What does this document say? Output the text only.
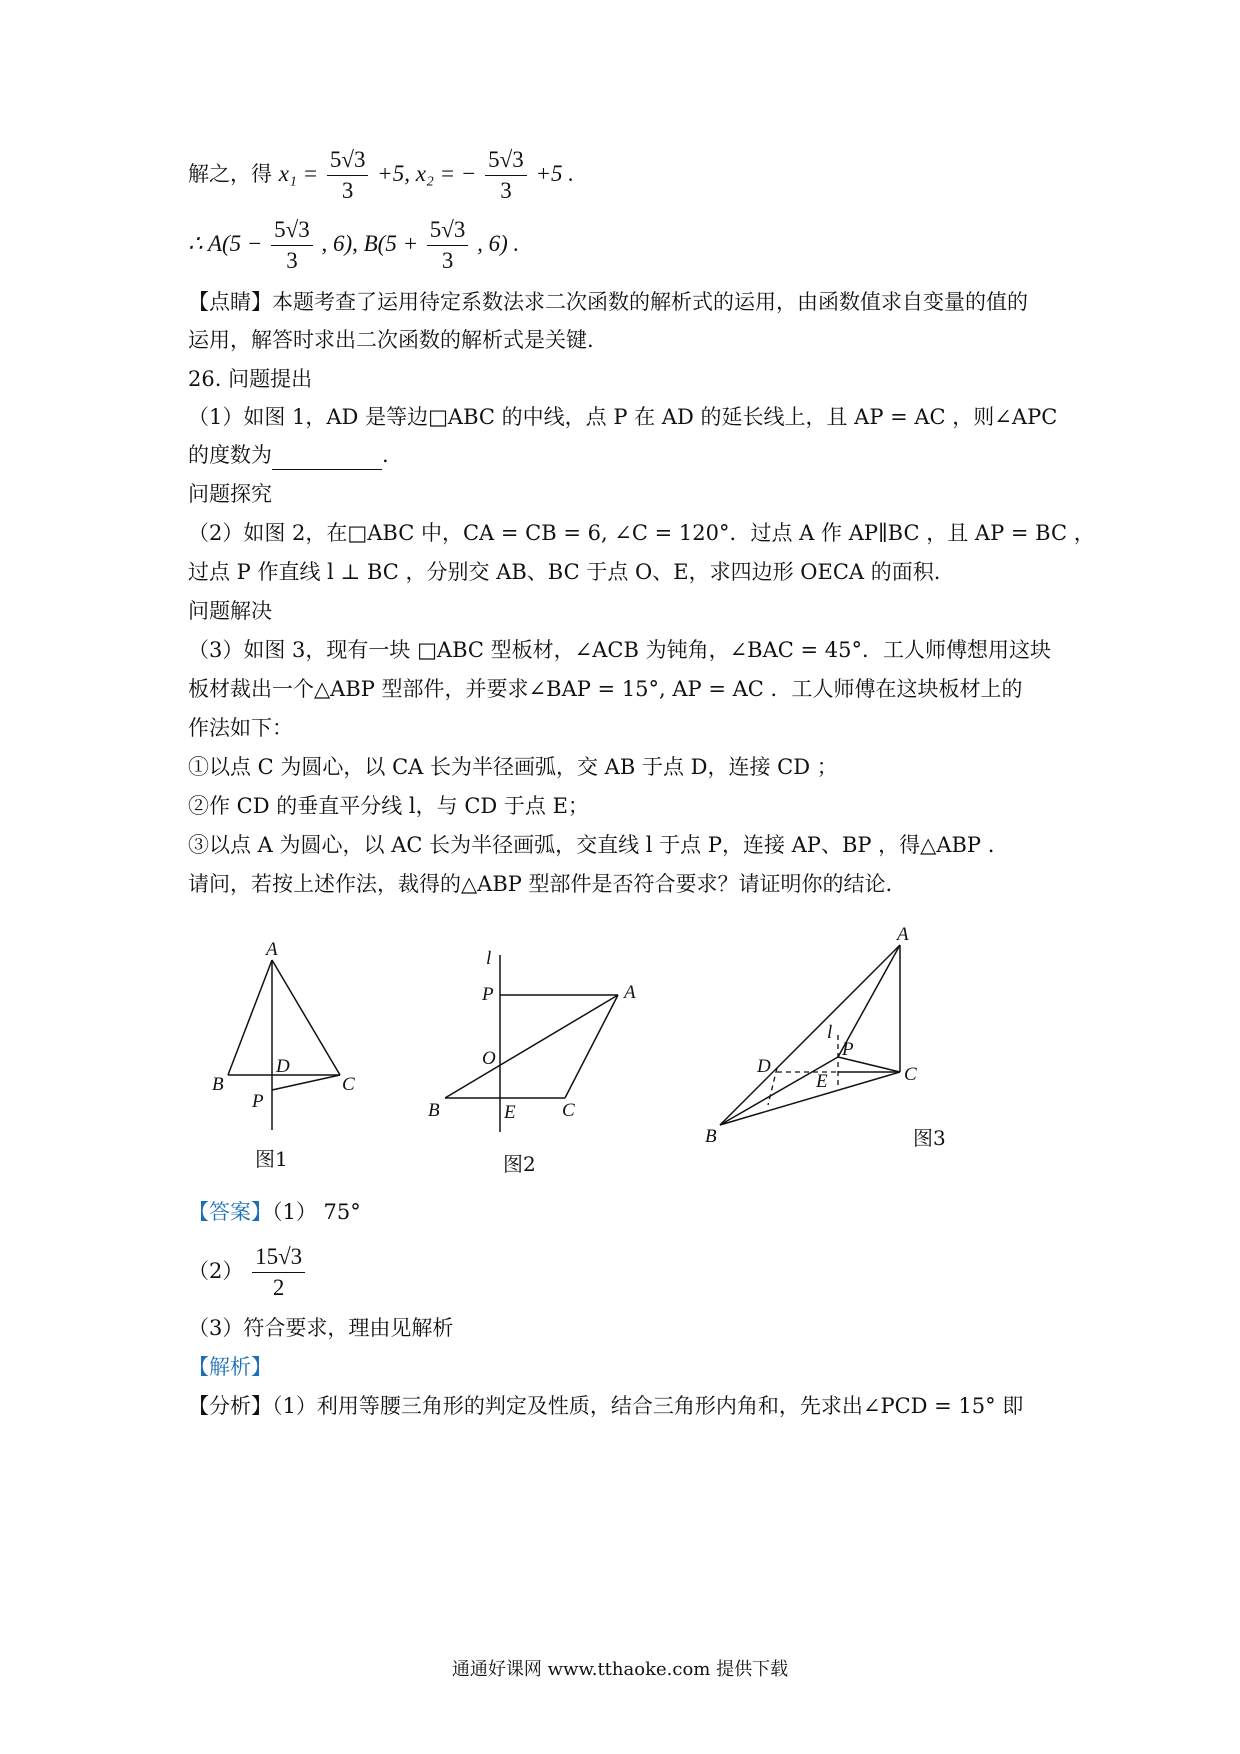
解之，得 $x_1 = \frac{5√3}{3} +5$, x₂ = − $\frac{5√3}{3} +5$ .
∴ $A(5 - \frac{5√3}{3}$ , 6), $B(5 + \frac{5√3}{3}$ , 6) .
【点睛】本题考查了运用待定系数法求二次函数的解析式的运用，由函数值求自变量的值的
运用，解答时求出二次函数的解析式是关键.
26. 问题提出
（1）如图 1，AD 是等边□ABC 的中线，点 P 在 AD 的延长线上，且 AP = AC ，则∠APC
的度数为	.
问题探究
（2）如图 2，在□ABC 中，CA = CB = 6, ∠C = 120°．过点 A 作 AP∥BC ，且 AP = BC ，
过点 P 作直线 l ⊥ BC ，分别交 AB、BC 于点 O、E，求四边形 OECA 的面积.
问题解决
（3）如图 3，现有一块 □ABC 型板材，∠ACB 为钝角，∠BAC = 45°．工人师傅想用这块
板材裁出一个△ABP 型部件，并要求∠BAP = 15°, AP = AC ．工人师傅在这块板材上的
作法如下：
①以点 C 为圆心，以 CA 长为半径画弧，交 AB 于点 D，连接 CD ；
②作 CD 的垂直平分线 l，与 CD 于点 E；
③以点 A 为圆心，以 AC 长为半径画弧，交直线 l 于点 P，连接 AP、BP ，得△ABP .
请问，若按上述作法，裁得的△ABP 型部件是否符合要求？请证明你的结论.
A
B	C
D
P
图1
l
P	A
O
B	E C
图2
A
l
P
D
E	C
B	图3
【答案】（1） 75°
$(2) \frac{15√3}{2}$
（3）符合要求，理由见解析
【解析】
【分析】（1）利用等腰三角形的判定及性质，结合三角形内角和，先求出∠PCD = 15° 即
通通好课网 www.tthaoke.com 提供下载
